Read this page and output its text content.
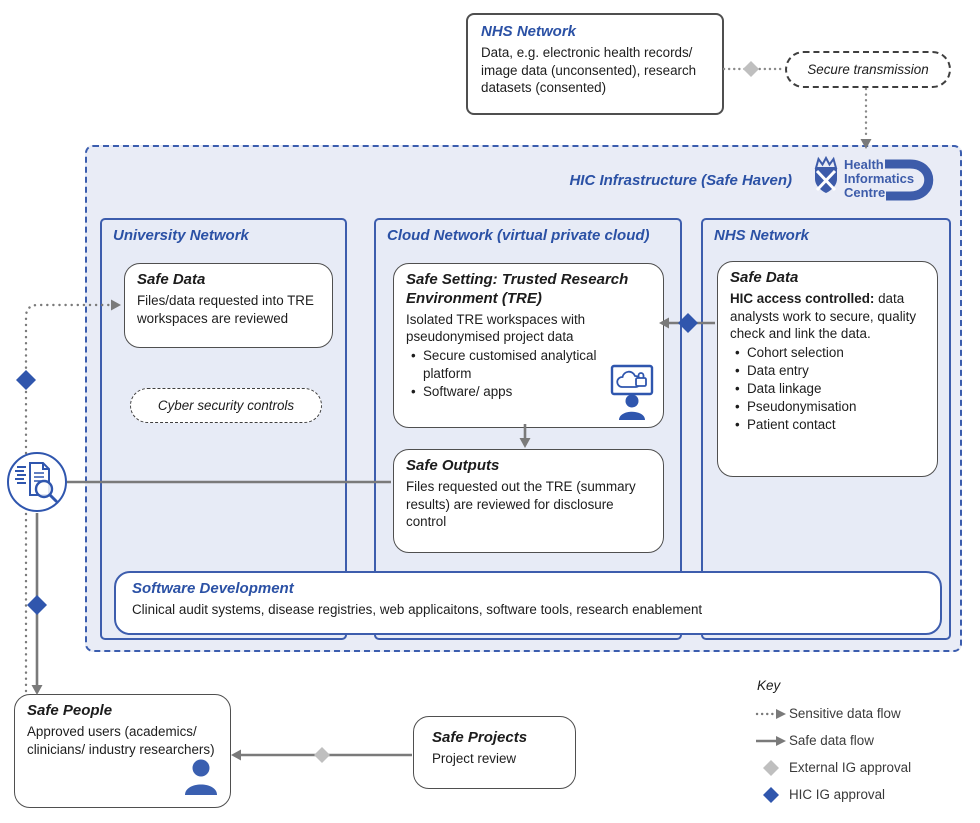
NHS Network
Data, e.g. electronic health records/ image data (unconsented), research datasets (consented)
Secure transmission
HIC Infrastructure (Safe Haven)
Health
Informatics
Centre
University Network
Safe Data
Files/data requested into TRE workspaces are reviewed
Cyber security controls
Cloud Network (virtual private cloud)
Safe Setting: Trusted Research Environment (TRE)
Isolated TRE workspaces with pseudonymised project data
• Secure customised analytical platform
• Software/ apps
Safe Outputs
Files requested out the TRE (summary results) are reviewed for disclosure control
NHS Network
Safe Data
HIC access controlled: data analysts work to secure, quality check and link the data.
• Cohort selection
• Data entry
• Data linkage
• Pseudonymisation
• Patient contact
Software Development
Clinical audit systems, disease registries, web applicaitons, software tools, research enablement
Safe People
Approved users (academics/ clinicians/ industry researchers)
Safe Projects
Project review
Key
Sensitive data flow
Safe data flow
External IG approval
HIC IG approval
